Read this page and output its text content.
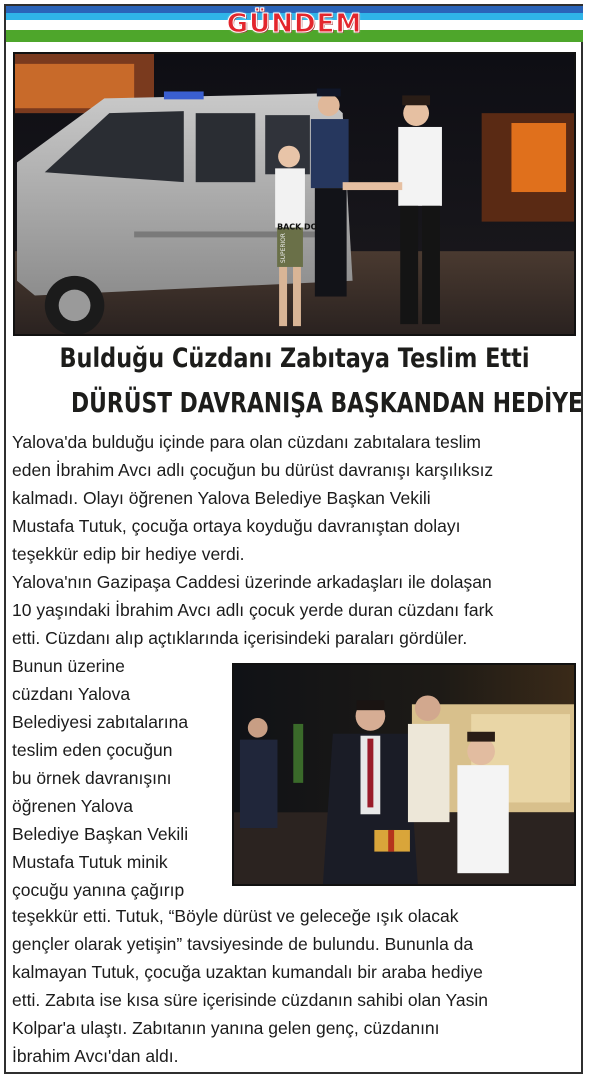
GÜNDEM
BACK DO
SUPERIOR
Bulduğu Cüzdanı Zabıtaya Teslim Etti
DÜRÜST DAVRANIŞA BAŞKANDAN HEDİYE
Yalova'da bulduğu içinde para olan cüzdanı zabıtalara teslim
eden İbrahim Avcı adlı çocuğun bu dürüst davranışı karşılıksız
kalmadı. Olayı öğrenen Yalova Belediye Başkan Vekili
Mustafa Tutuk, çocuğa ortaya koyduğu davranıştan dolayı
teşekkür edip bir hediye verdi.
Yalova'nın Gazipaşa Caddesi üzerinde arkadaşları ile dolaşan
10 yaşındaki İbrahim Avcı adlı çocuk yerde duran cüzdanı fark
etti. Cüzdanı alıp açtıklarında içerisindeki paraları gördüler.
Bunun üzerine
cüzdanı Yalova
Belediyesi zabıtalarına
teslim eden çocuğun
bu örnek davranışını
öğrenen Yalova
Belediye Başkan Vekili
Mustafa Tutuk minik
çocuğu yanına çağırıp
teşekkür etti. Tutuk, “Böyle dürüst ve geleceğe ışık olacak
gençler olarak yetişin” tavsiyesinde de bulundu. Bununla da
kalmayan Tutuk, çocuğa uzaktan kumandalı bir araba hediye
etti. Zabıta ise kısa süre içerisinde cüzdanın sahibi olan Yasin
Kolpar'a ulaştı. Zabıtanın yanına gelen genç, cüzdanını
İbrahim Avcı'dan aldı.
